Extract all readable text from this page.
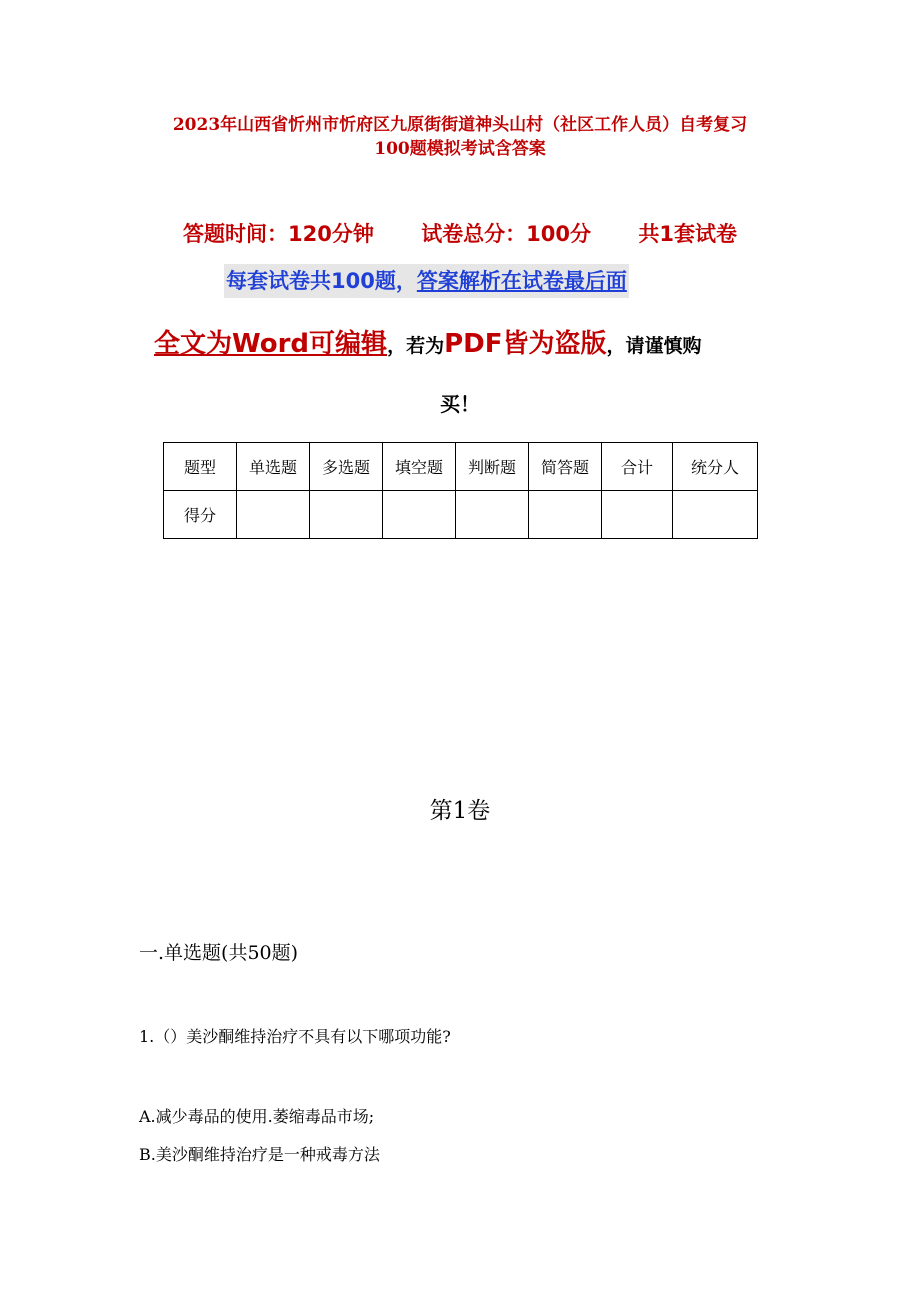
2023年山西省忻州市忻府区九原街街道神头山村（社区工作人员）自考复习
100题模拟考试含答案
答题时间：120分钟 试卷总分：100分 共1套试卷
每套试卷共100题，答案解析在试卷最后面
全文为Word可编辑，若为PDF皆为盗版，请谨慎购
买！
题型	单选题	多选题	填空题	判断题	简答题	合计	统分人
得分							
第1卷
一.单选题(共50题)
1.（）美沙酮维持治疗不具有以下哪项功能?
A.减少毒品的使用.萎缩毒品市场;
B.美沙酮维持治疗是一种戒毒方法
